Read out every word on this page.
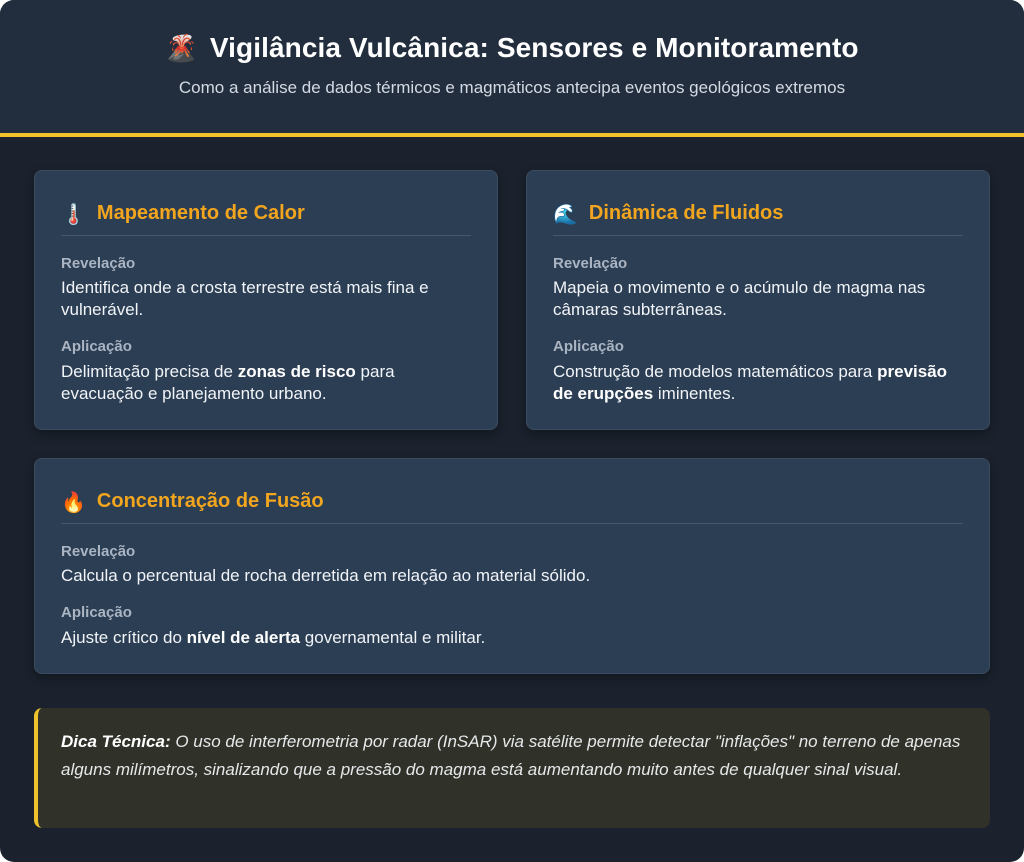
🌋 Vigilância Vulcânica: Sensores e Monitoramento
Como a análise de dados térmicos e magmáticos antecipa eventos geológicos extremos
🌡️ Mapeamento de Calor
Revelação
Identifica onde a crosta terrestre está mais fina e vulnerável.
Aplicação
Delimitação precisa de zonas de risco para evacuação e planejamento urbano.
🌊 Dinâmica de Fluidos
Revelação
Mapeia o movimento e o acúmulo de magma nas câmaras subterrâneas.
Aplicação
Construção de modelos matemáticos para previsão de erupções iminentes.
🔥 Concentração de Fusão
Revelação
Calcula o percentual de rocha derretida em relação ao material sólido.
Aplicação
Ajuste crítico do nível de alerta governamental e militar.
Dica Técnica: O uso de interferometria por radar (InSAR) via satélite permite detectar "inflações" no terreno de apenas alguns milímetros, sinalizando que a pressão do magma está aumentando muito antes de qualquer sinal visual.
